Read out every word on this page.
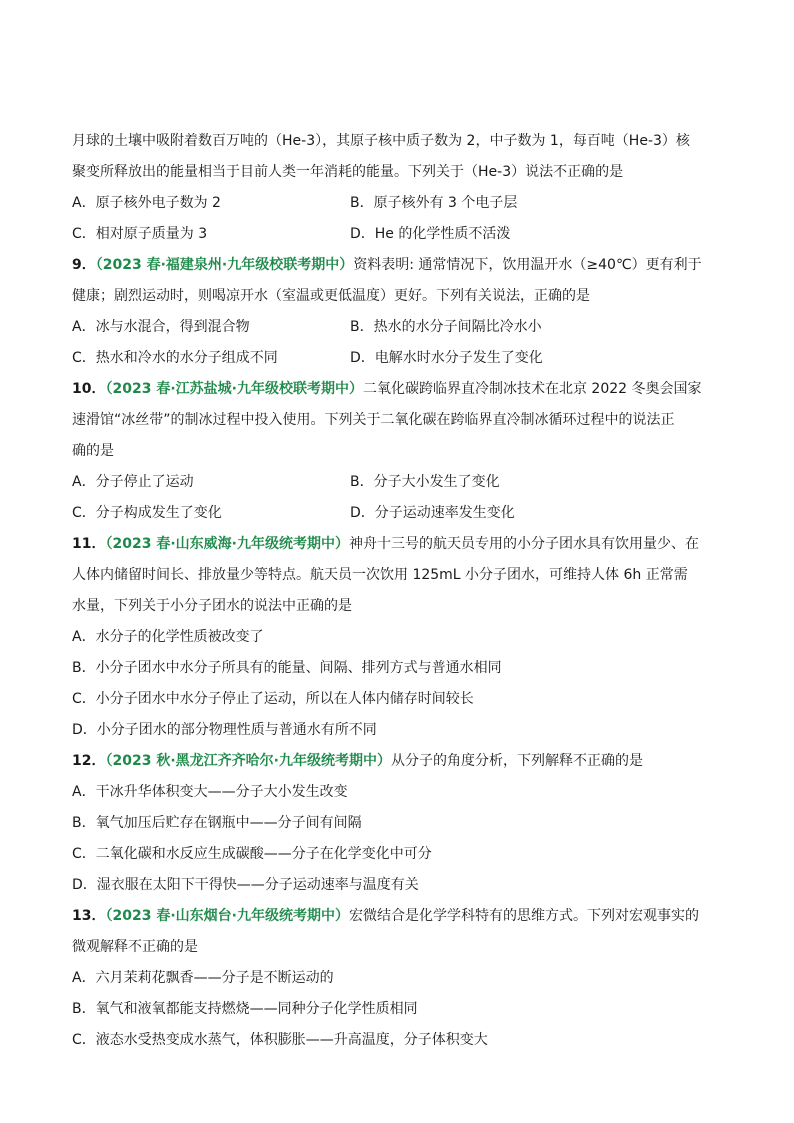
月球的土壤中吸附着数百万吨的（He-3），其原子核中质子数为 2，中子数为 1，每百吨（He-3）核
聚变所释放出的能量相当于目前人类一年消耗的能量。下列关于（He-3）说法不正确的是
A．原子核外电子数为 2	B．原子核外有 3 个电子层
C．相对原子质量为 3	D．He 的化学性质不活泼
9．（2023 春·福建泉州·九年级校联考期中）资料表明: 通常情况下，饮用温开水（≥40℃）更有利于
健康；剧烈运动时，则喝凉开水（室温或更低温度）更好。下列有关说法，正确的是
A．冰与水混合，得到混合物	B．热水的水分子间隔比冷水小
C．热水和冷水的水分子组成不同	D．电解水时水分子发生了变化
10．（2023 春·江苏盐城·九年级校联考期中）二氧化碳跨临界直冷制冰技术在北京 2022 冬奥会国家
速滑馆“冰丝带”的制冰过程中投入使用。下列关于二氧化碳在跨临界直冷制冰循环过程中的说法正
确的是
A．分子停止了运动	B．分子大小发生了变化
C．分子构成发生了变化	D．分子运动速率发生变化
11．（2023 春·山东威海·九年级统考期中）神舟十三号的航天员专用的小分子团水具有饮用量少、在
人体内储留时间长、排放量少等特点。航天员一次饮用 125mL 小分子团水，可维持人体 6h 正常需
水量，下列关于小分子团水的说法中正确的是
A．水分子的化学性质被改变了
B．小分子团水中水分子所具有的能量、间隔、排列方式与普通水相同
C．小分子团水中水分子停止了运动，所以在人体内储存时间较长
D．小分子团水的部分物理性质与普通水有所不同
12．（2023 秋·黑龙江齐齐哈尔·九年级统考期中）从分子的角度分析，下列解释不正确的是
A．干冰升华体积变大——分子大小发生改变
B．氧气加压后贮存在钢瓶中——分子间有间隔
C．二氧化碳和水反应生成碳酸——分子在化学变化中可分
D．湿衣服在太阳下干得快——分子运动速率与温度有关
13．（2023 春·山东烟台·九年级统考期中）宏微结合是化学学科特有的思维方式。下列对宏观事实的
微观解释不正确的是
A．六月茉莉花飘香——分子是不断运动的
B．氧气和液氧都能支持燃烧——同种分子化学性质相同
C．液态水受热变成水蒸气，体积膨胀——升高温度，分子体积变大
